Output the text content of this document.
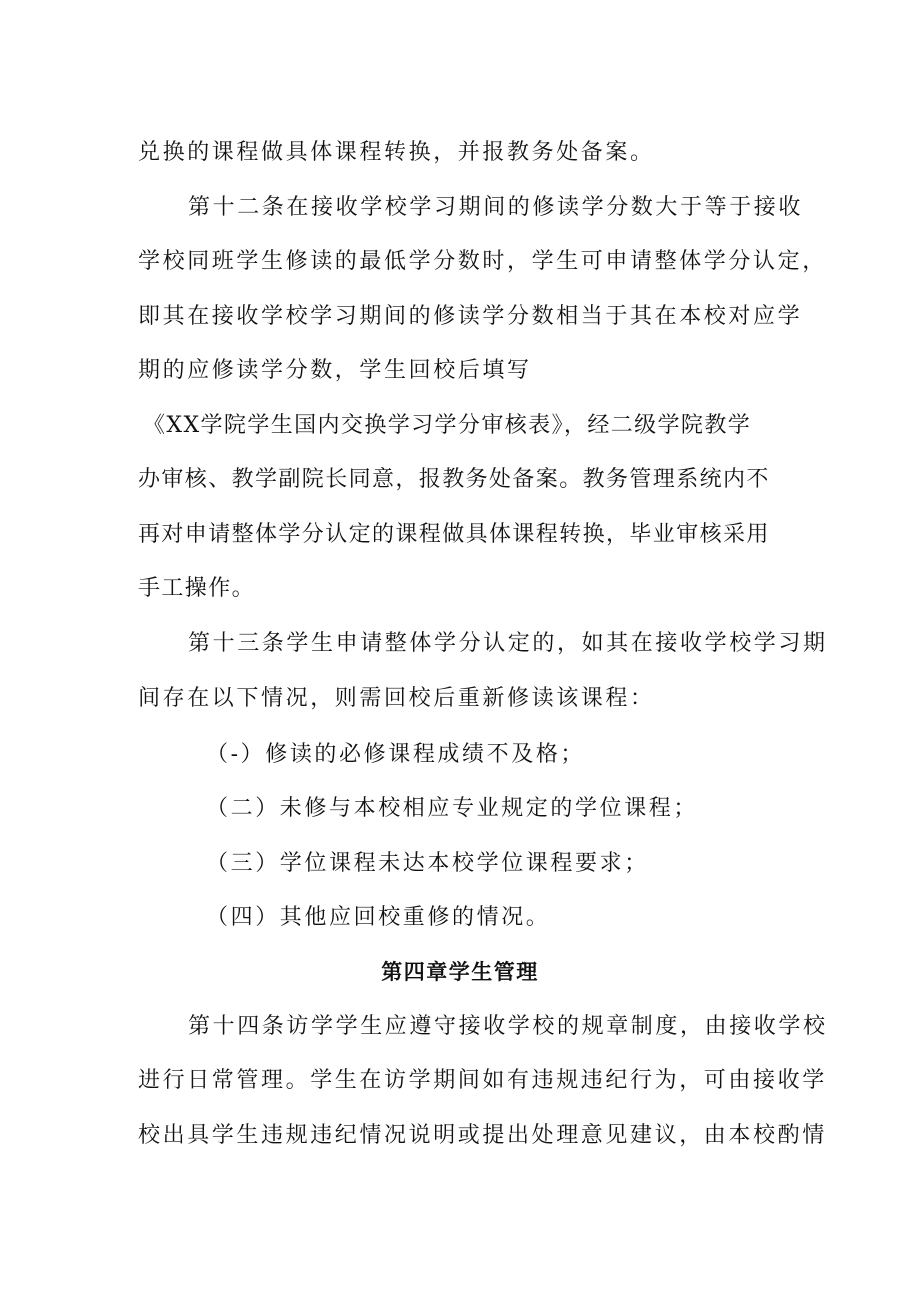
兑换的课程做具体课程转换，并报教务处备案。
第十二条在接收学校学习期间的修读学分数大于等于接收
学校同班学生修读的最低学分数时，学生可申请整体学分认定，
即其在接收学校学习期间的修读学分数相当于其在本校对应学
期的应修读学分数，学生回校后填写
《XX学院学生国内交换学习学分审核表》，经二级学院教学
办审核、教学副院长同意，报教务处备案。教务管理系统内不
再对申请整体学分认定的课程做具体课程转换，毕业审核采用
手工操作。
第十三条学生申请整体学分认定的，如其在接收学校学习期
间存在以下情况，则需回校后重新修读该课程：
（-）修读的必修课程成绩不及格；
（二）未修与本校相应专业规定的学位课程；
（三）学位课程未达本校学位课程要求；
（四）其他应回校重修的情况。
第四章学生管理
第十四条访学学生应遵守接收学校的规章制度，由接收学校
进行日常管理。学生在访学期间如有违规违纪行为，可由接收学
校出具学生违规违纪情况说明或提出处理意见建议，由本校酌情
